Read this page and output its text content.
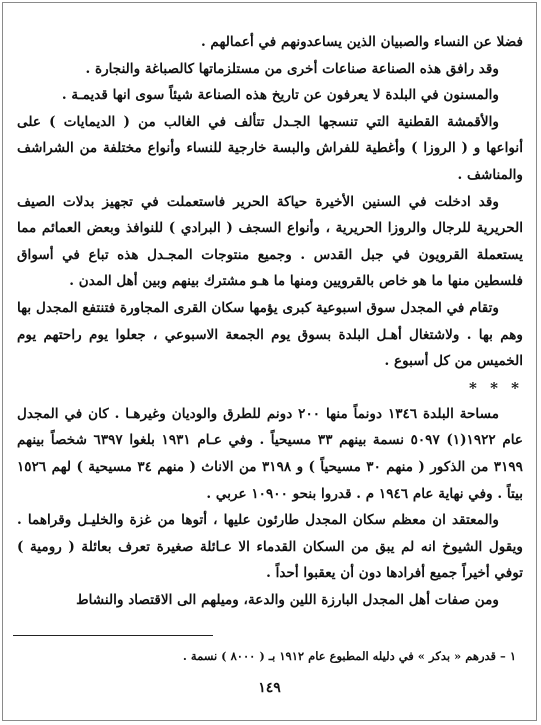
فضلا عن النساء والصبيان الذين يساعدونهم في أعمالهم .

وقد رافق هذه الصناعة صناعات أخرى من مستلزماتها كالصباغة والنجارة .

والمسنون في البلدة لا يعرفون عن تاريخ هذه الصناعة شيئاً سوى انها قديمـة .

والأقمشة القطنية التي تنسجها الجـدل تتألف في الغالب من ( الديمايات ) على أنواعها و ( الروزا ) وأغطية للفراش والبسة خارجية للنساء وأنواع مختلفة من الشراشف والمناشف .

وقد ادخلت في السنين الأخيرة حياكة الحرير فاستعملت في تجهيز بدلات الصيف الحريرية للرجال والروزا الحريرية ، وأنواع السجف ( البرادي ) للنوافذ وبعض العمائم مما يستعملة القرويون في جبل القدس . وجميع منتوجات المجـدل هذه تباع في أسواق فلسطين منها ما هو خاص بالقرويين ومنها ما هـو مشترك بينهم وبين أهل المدن .

وتقام في المجدل سوق اسبوعية كبرى يؤمها سكان القرى المجاورة فتنتفع المجدل بها وهم بها . ولاشتغال أهـل البلدة بسوق يوم الجمعة الاسبوعي ، جعلوا يوم راحتهم يوم الخميس من كل أسبوع .

* * *

مساحة البلدة ١٣٤٦ دونماً منها ٢٠٠ دونم للطرق والوديان وغيرهـا . كان في المجدل عام ١٩٢٢(١) ٥٠٩٧ نسمة بينهم ٣٣ مسيحياً . وفي عـام ١٩٣١ بلغوا ٦٣٩٧ شخصاً بينهم ٣١٩٩ من الذكور ( منهم ٣٠ مسيحياً ) و ٣١٩٨ من الاناث ( منهم ٣٤ مسيحية ) لهم ١٥٢٦ بيتاً . وفي نهاية عام ١٩٤٦ م . قدروا بنحو ١٠٩٠٠ عربي .

والمعتقد ان معظم سكان المجدل طارئون عليها ، أتوها من غزة والخليـل وقراهما . ويقول الشيوخ انه لم يبق من السكان القدماء الا عـائلة صغيرة تعرف بعائلة ( رومية ) توفي أخيراً جميع أفرادها دون أن يعقبوا أحداً .

ومن صفات أهل المجدل البارزة اللين والدعة، وميلهم الى الاقتصاد والنشاط

١ – قدرهم « بدكر » في دليله المطبوع عام ١٩١٢ بـ ( ٨٠٠٠ ) نسمة .

١٤٩
